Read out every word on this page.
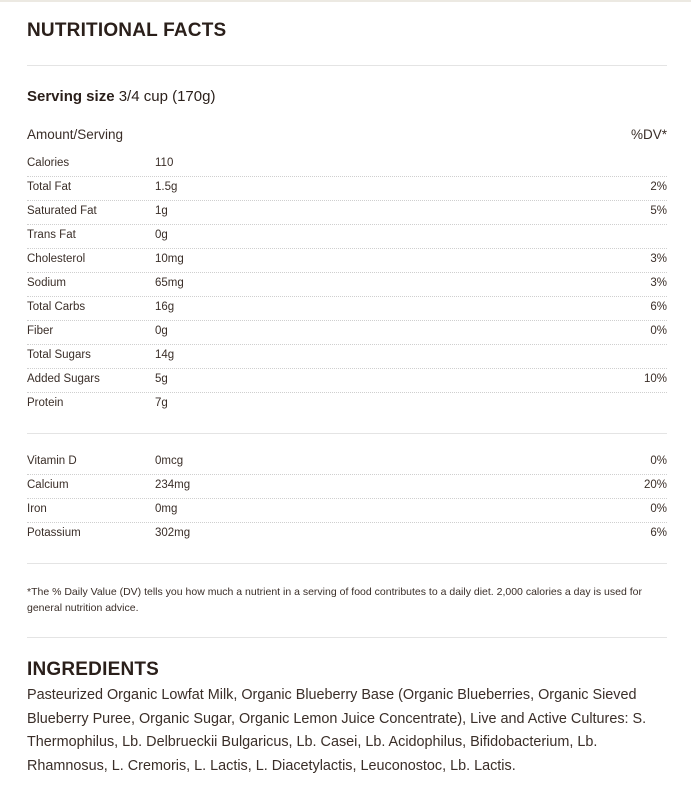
NUTRITIONAL FACTS
Serving size 3/4 cup (170g)
Amount/Serving	%DV*
Calories	110
Total Fat	1.5g	2%
Saturated Fat	1g	5%
Trans Fat	0g
Cholesterol	10mg	3%
Sodium	65mg	3%
Total Carbs	16g	6%
Fiber	0g	0%
Total Sugars	14g
Added Sugars	5g	10%
Protein	7g
Vitamin D	0mcg	0%
Calcium	234mg	20%
Iron	0mg	0%
Potassium	302mg	6%
*The % Daily Value (DV) tells you how much a nutrient in a serving of food contributes to a daily diet. 2,000 calories a day is used for general nutrition advice.
INGREDIENTS
Pasteurized Organic Lowfat Milk, Organic Blueberry Base (Organic Blueberries, Organic Sieved Blueberry Puree, Organic Sugar, Organic Lemon Juice Concentrate), Live and Active Cultures: S. Thermophilus, Lb. Delbrueckii Bulgaricus, Lb. Casei, Lb. Acidophilus, Bifidobacterium, Lb. Rhamnosus, L. Cremoris, L. Lactis, L. Diacetylactis, Leuconostoc, Lb. Lactis.
